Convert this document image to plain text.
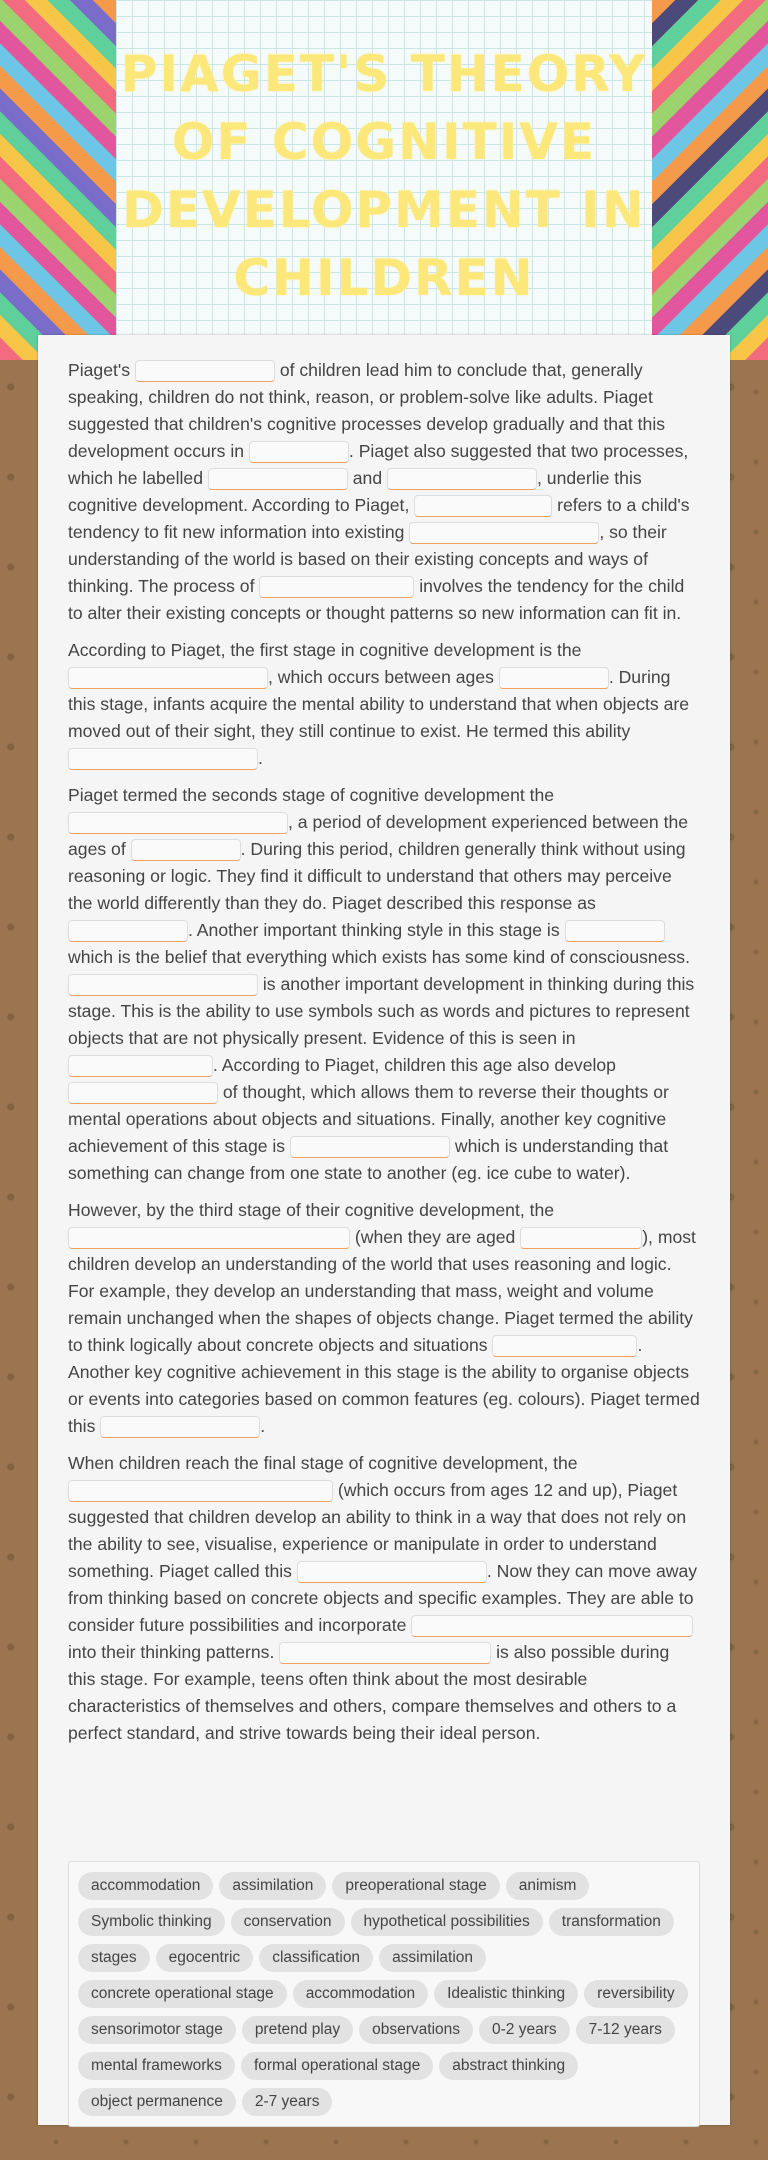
PIAGET'S THEORY OF COGNITIVE DEVELOPMENT IN CHILDREN

Piaget's	of children lead him to conclude that, generally speaking, children do not think, reason, or problem-solve like adults. Piaget suggested that children's cognitive processes develop gradually and that this development occurs in	. Piaget also suggested that two processes, which he labelled	and	, underlie this cognitive development. According to Piaget,	refers to a child's tendency to fit new information into existing	, so their understanding of the world is based on their existing concepts and ways of thinking. The process of	involves the tendency for the child to alter their existing concepts or thought patterns so new information can fit in.

According to Piaget, the first stage in cognitive development is the , which occurs between ages	. During this stage, infants acquire the mental ability to understand that when objects are moved out of their sight, they still continue to exist. He termed this ability .

Piaget termed the seconds stage of cognitive development the , a period of development experienced between the ages of	. During this period, children generally think without using reasoning or logic. They find it difficult to understand that others may perceive the world differently than they do. Piaget described this response as . Another important thinking style in this stage is  which is the belief that everything which exists has some kind of consciousness.  is another important development in thinking during this stage. This is the ability to use symbols such as words and pictures to represent objects that are not physically present. Evidence of this is seen in . According to Piaget, children this age also develop  of thought, which allows them to reverse their thoughts or mental operations about objects and situations. Finally, another key cognitive achievement of this stage is	which is understanding that something can change from one state to another (eg. ice cube to water).

However, by the third stage of their cognitive development, the  (when they are aged	), most children develop an understanding of the world that uses reasoning and logic. For example, they develop an understanding that mass, weight and volume remain unchanged when the shapes of objects change. Piaget termed the ability to think logically about concrete objects and situations	. Another key cognitive achievement in this stage is the ability to organise objects or events into categories based on common features (eg. colours). Piaget termed this	.

When children reach the final stage of cognitive development, the  (which occurs from ages 12 and up), Piaget suggested that children develop an ability to think in a way that does not rely on the ability to see, visualise, experience or manipulate in order to understand something. Piaget called this	. Now they can move away from thinking based on concrete objects and specific examples. They are able to consider future possibilities and incorporate  into their thinking patterns.	is also possible during this stage. For example, teens often think about the most desirable characteristics of themselves and others, compare themselves and others to a perfect standard, and strive towards being their ideal person.

accommodation assimilation preoperational stage animismSymbolic thinking conservation hypothetical possibilities transformationstages egocentric classification assimilationconcrete operational stage accommodation Idealistic thinking reversibilitysensorimotor stage pretend play observations 0-2 years 7-12 yearsmental frameworks formal operational stage abstract thinkingobject permanence 2-7 years
